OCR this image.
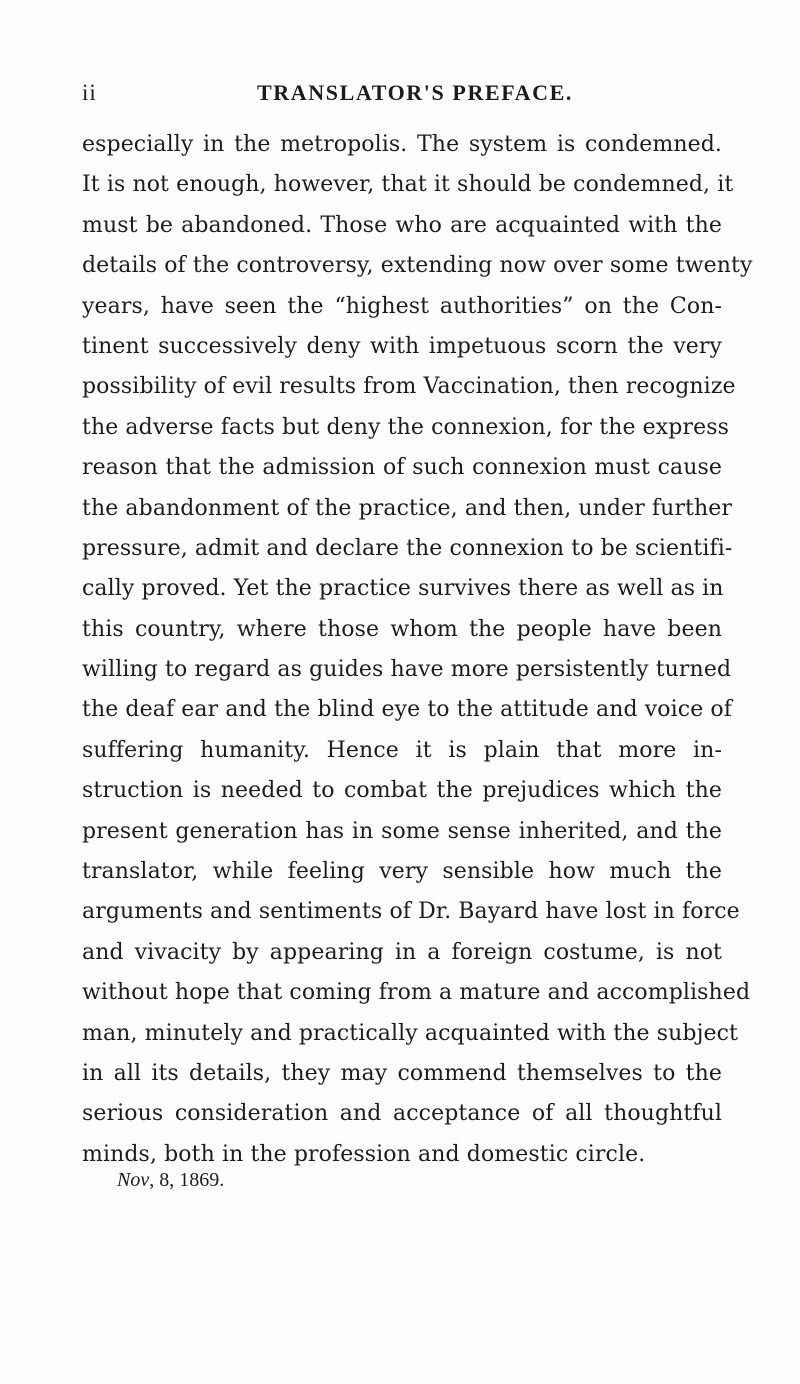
ii	TRANSLATOR'S PREFACE.
especially in the metropolis. The system is condemned.
It is not enough, however, that it should be condemned, it
must be abandoned. Those who are acquainted with the
details of the controversy, extending now over some twenty
years, have seen the “highest authorities” on the Con-
tinent successively deny with impetuous scorn the very
possibility of evil results from Vaccination, then recognize
the adverse facts but deny the connexion, for the express
reason that the admission of such connexion must cause
the abandonment of the practice, and then, under further
pressure, admit and declare the connexion to be scientifi-
cally proved. Yet the practice survives there as well as in
this country, where those whom the people have been
willing to regard as guides have more persistently turned
the deaf ear and the blind eye to the attitude and voice of
suffering humanity. Hence it is plain that more in-
struction is needed to combat the prejudices which the
present generation has in some sense inherited, and the
translator, while feeling very sensible how much the
arguments and sentiments of Dr. Bayard have lost in force
and vivacity by appearing in a foreign costume, is not
without hope that coming from a mature and accomplished
man, minutely and practically acquainted with the subject
in all its details, they may commend themselves to the
serious consideration and acceptance of all thoughtful
minds, both in the profession and domestic circle.
Nov, 8, 1869.
